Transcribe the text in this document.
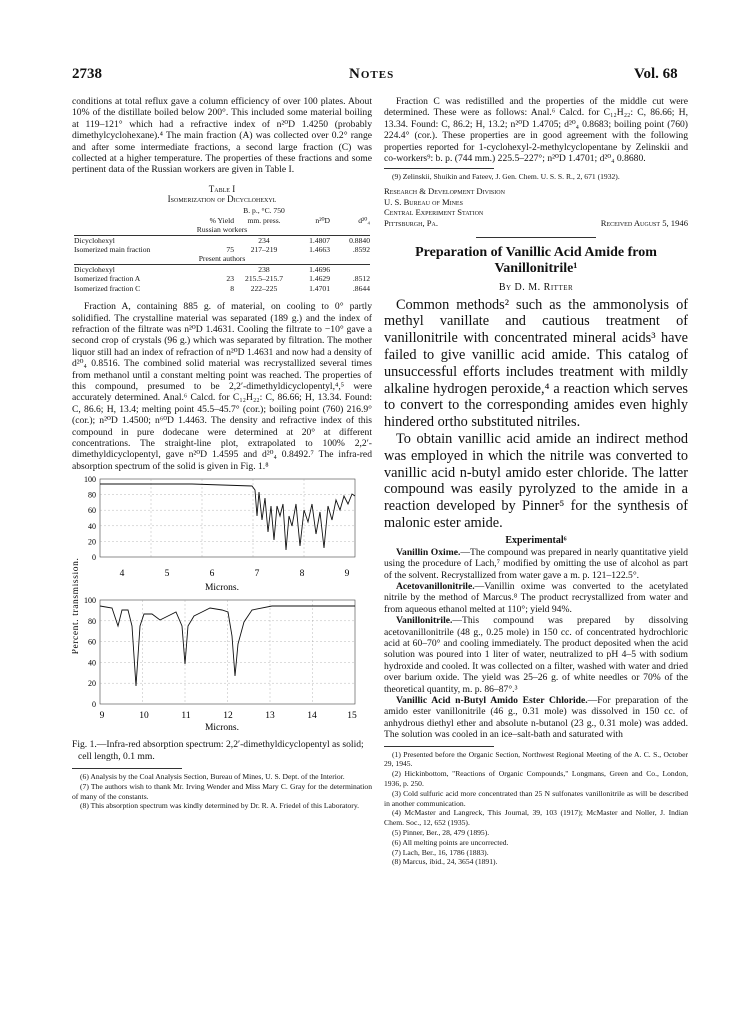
2738	Notes	Vol. 68

conditions at total reflux gave a column efficiency of over 100 plates. About 10% of the distillate boiled below 200°. This included some material boiling at 119–121° which had a refractive index of n²⁰D 1.4250 (probably dimethylcyclohexane).⁴ The main fraction (A) was collected over 0.2° range and after some intermediate fractions, a second large fraction (C) was collected at a higher temperature. The properties of these fractions and some pertinent data of the Russian workers are given in Table I.

Table I
Isomerization of Dicyclohexyl
	% Yield	B. p., °C. 750 mm. press.	n²⁰D	d²⁰₄
Russian workers				

Dicyclohexyl		234	1.4807	0.8840
Isomerized main fraction	75	217–219	1.4663	.8592
Present authors				

Dicyclohexyl		238	1.4696	
Isomerized fraction A	23	215.5–215.7	1.4629	.8512
Isomerized fraction C	8	222–225	1.4701	.8644

Fraction A, containing 885 g. of material, on cooling to 0° partly solidified. The crystalline material was separated (189 g.) and the index of refraction of the filtrate was n²⁰D 1.4631. Cooling the filtrate to −10° gave a second crop of crystals (96 g.) which was separated by filtration. The mother liquor still had an index of refraction of n²⁰D 1.4631 and now had a density of d²⁰₄ 0.8516. The combined solid material was recrystallized several times from methanol until a constant melting point was reached. The properties of this compound, presumed to be 2,2′-dimethyldicyclopentyl,⁴,⁵ were accurately determined. Anal.⁶ Calcd. for C₁₂H₂₂: C, 86.66; H, 13.34. Found: C, 86.6; H, 13.4; melting point 45.5–45.7° (cor.); boiling point (760) 216.9° (cor.); n²⁰D 1.4500; n⁶⁰D 1.4463. The density and refractive index of this compound in pure dodecane were determined at 20° at different concentrations. The straight-line plot, extrapolated to 100% 2,2′-dimethyldicyclopentyl, gave n²⁰D 1.4595 and d²⁰₄ 0.8492.⁷ The infra-red absorption spectrum of the solid is given in Fig. 1.⁸

Percent. transmission.
100
80
60
40
20
0
4	5	6	7	8	9
Microns.
100
80
60
40
20
0
9	10	11	12	13	14	15
Microns.

Fig. 1.—Infra-red absorption spectrum: 2,2′-dimethyldicyclopentyl as solid; cell length, 0.1 mm.

(6) Analysis by the Coal Analysis Section, Bureau of Mines, U. S. Dept. of the Interior.

(7) The authors wish to thank Mr. Irving Wender and Miss Mary C. Gray for the determination of many of the constants.

(8) This absorption spectrum was kindly determined by Dr. R. A. Friedel of this Laboratory.

Fraction C was redistilled and the properties of the middle cut were determined. These were as follows: Anal.⁶ Calcd. for C₁₂H₂₂: C, 86.66; H, 13.34. Found: C, 86.2; H, 13.2; n²⁰D 1.4705; d²⁰₄ 0.8683; boiling point (760) 224.4° (cor.). These properties are in good agreement with the following properties reported for 1-cyclohexyl-2-methylcyclopentane by Zelinskii and co-workers⁹: b. p. (744 mm.) 225.5–227°; n²⁰D 1.4701; d²⁰₄ 0.8680.

(9) Zelinskii, Shuikin and Fateev, J. Gen. Chem. U. S. S. R., 2, 671 (1932).

Research & Development Division
U. S. Bureau of Mines
Central Experiment Station
Pittsburgh, Pa.	Received August 5, 1946
Preparation of Vanillic Acid Amide from Vanillonitrile¹
By D. M. Ritter

Common methods² such as the ammonolysis of methyl vanillate and cautious treatment of vanillonitrile with concentrated mineral acids³ have failed to give vanillic acid amide. This catalog of unsuccessful efforts includes treatment with mildly alkaline hydrogen peroxide,⁴ a reaction which serves to convert to the corresponding amides even highly hindered ortho substituted nitriles.

To obtain vanillic acid amide an indirect method was employed in which the nitrile was converted to vanillic acid n-butyl amido ester chloride. The latter compound was easily pyrolyzed to the amide in a reaction developed by Pinner⁵ for the synthesis of malonic ester amide.

Experimental⁶

Vanillin Oxime.—The compound was prepared in nearly quantitative yield using the procedure of Lach,⁷ modified by omitting the use of alcohol as part of the solvent. Recrystallized from water gave a m. p. 121–122.5°.

Acetovanillonitrile.—Vanillin oxime was converted to the acetylated nitrile by the method of Marcus.⁸ The product recrystallized from water and from aqueous ethanol melted at 110°; yield 94%.

Vanillonitrile.—This compound was prepared by dissolving acetovanillonitrile (48 g., 0.25 mole) in 150 cc. of concentrated hydrochloric acid at 60–70° and cooling immediately. The product deposited when the acid solution was poured into 1 liter of water, neutralized to pH 4–5 with sodium hydroxide and cooled. It was collected on a filter, washed with water and dried over barium oxide. The yield was 25–26 g. of white needles or 70% of the theoretical quantity, m. p. 86–87°.³

Vanillic Acid n-Butyl Amido Ester Chloride.—For preparation of the amido ester vanillonitrile (46 g., 0.31 mole) was dissolved in 150 cc. of anhydrous diethyl ether and absolute n-butanol (23 g., 0.31 mole) was added. The solution was cooled in an ice–salt-bath and saturated with

(1) Presented before the Organic Section, Northwest Regional Meeting of the A. C. S., October 29, 1945.

(2) Hickinbottom, "Reactions of Organic Compounds," Longmans, Green and Co., London, 1936, p. 250.

(3) Cold sulfuric acid more concentrated than 25 N sulfonates vanillonitrile as will be described in another communication.

(4) McMaster and Langreck, This Journal, 39, 103 (1917); McMaster and Noller, J. Indian Chem. Soc., 12, 652 (1935).

(5) Pinner, Ber., 28, 479 (1895).

(6) All melting points are uncorrected.

(7) Lach, Ber., 16, 1786 (1883).

(8) Marcus, ibid., 24, 3654 (1891).
